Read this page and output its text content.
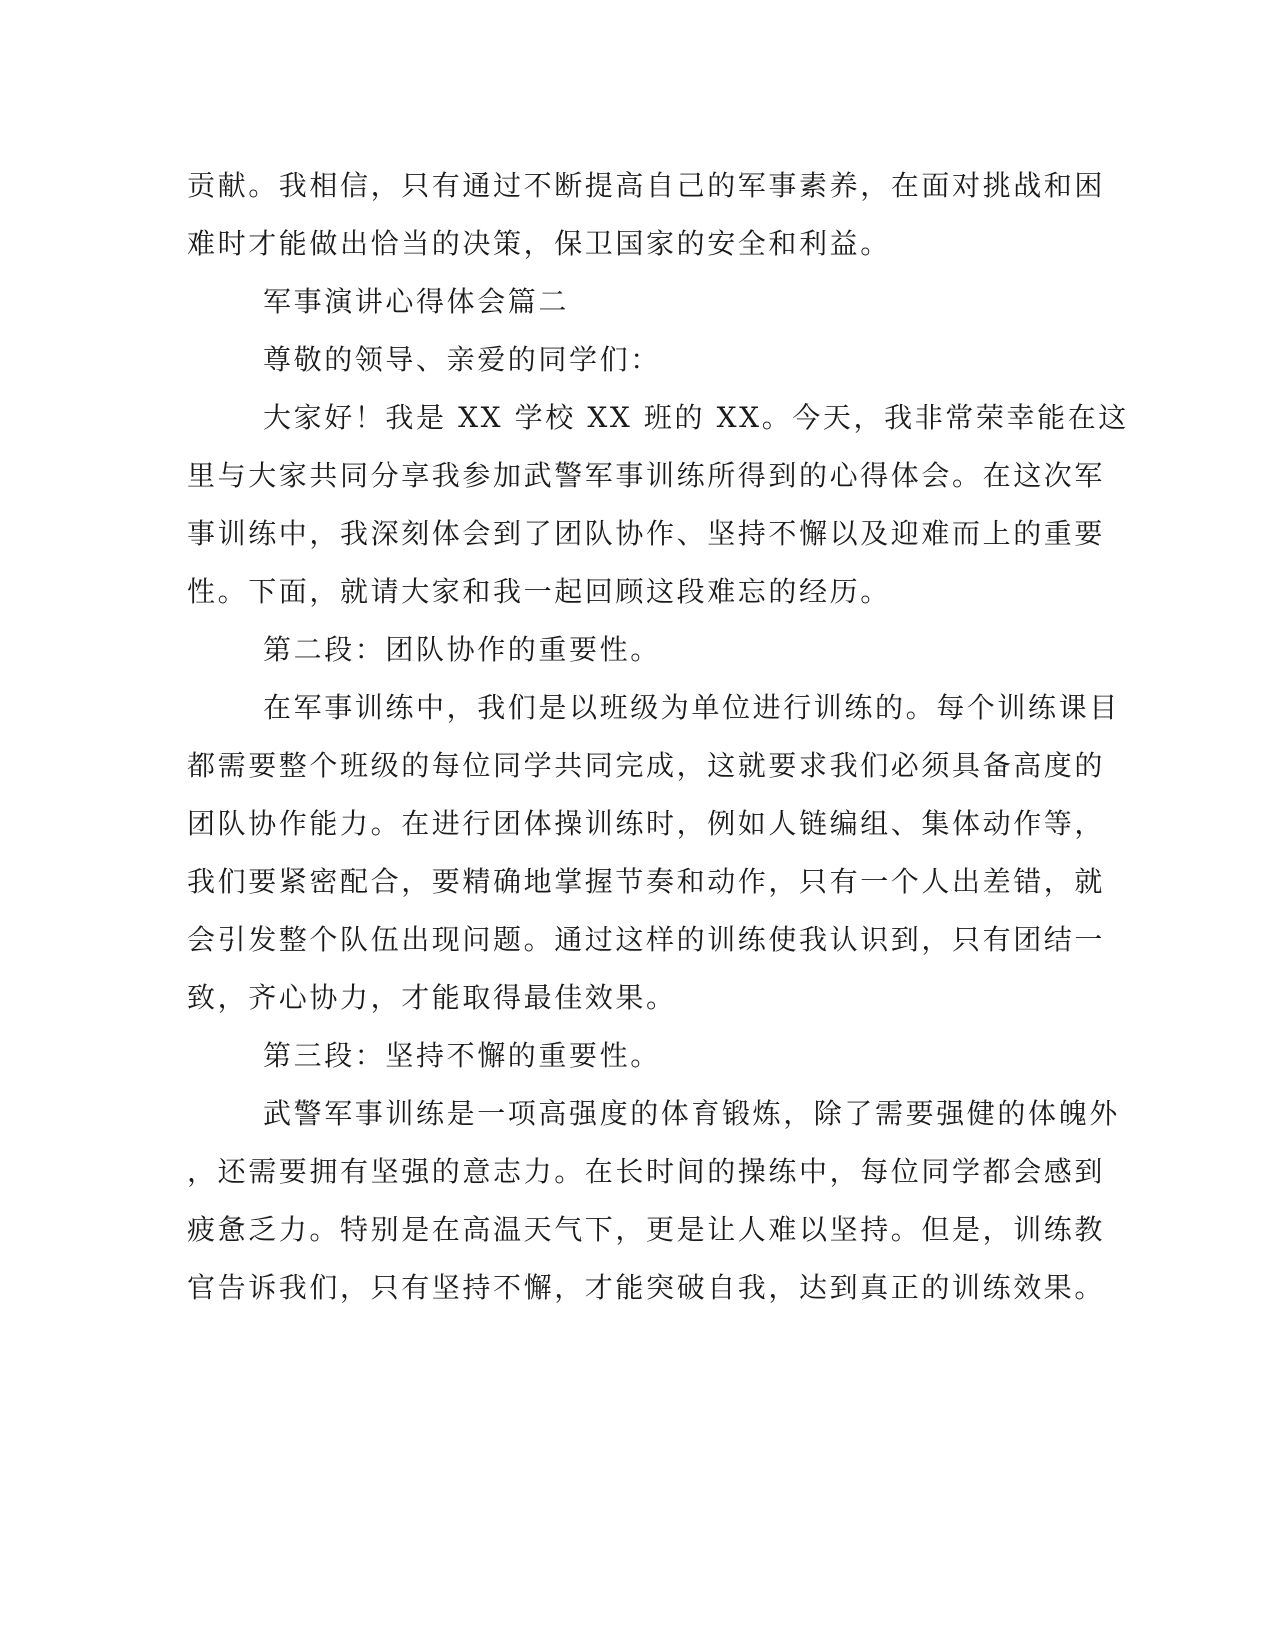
贡献。我相信，只有通过不断提高自己的军事素养，在面对挑战和困

难时才能做出恰当的决策，保卫国家的安全和利益。

军事演讲心得体会篇二

尊敬的领导、亲爱的同学们：

大家好！我是 XX 学校 XX 班的 XX。今天，我非常荣幸能在这

里与大家共同分享我参加武警军事训练所得到的心得体会。在这次军

事训练中，我深刻体会到了团队协作、坚持不懈以及迎难而上的重要

性。下面，就请大家和我一起回顾这段难忘的经历。

第二段：团队协作的重要性。

在军事训练中，我们是以班级为单位进行训练的。每个训练课目

都需要整个班级的每位同学共同完成，这就要求我们必须具备高度的

团队协作能力。在进行团体操训练时，例如人链编组、集体动作等，

我们要紧密配合，要精确地掌握节奏和动作，只有一个人出差错，就

会引发整个队伍出现问题。通过这样的训练使我认识到，只有团结一

致，齐心协力，才能取得最佳效果。

第三段：坚持不懈的重要性。

武警军事训练是一项高强度的体育锻炼，除了需要强健的体魄外

，还需要拥有坚强的意志力。在长时间的操练中，每位同学都会感到

疲惫乏力。特别是在高温天气下，更是让人难以坚持。但是，训练教

官告诉我们，只有坚持不懈，才能突破自我，达到真正的训练效果。
